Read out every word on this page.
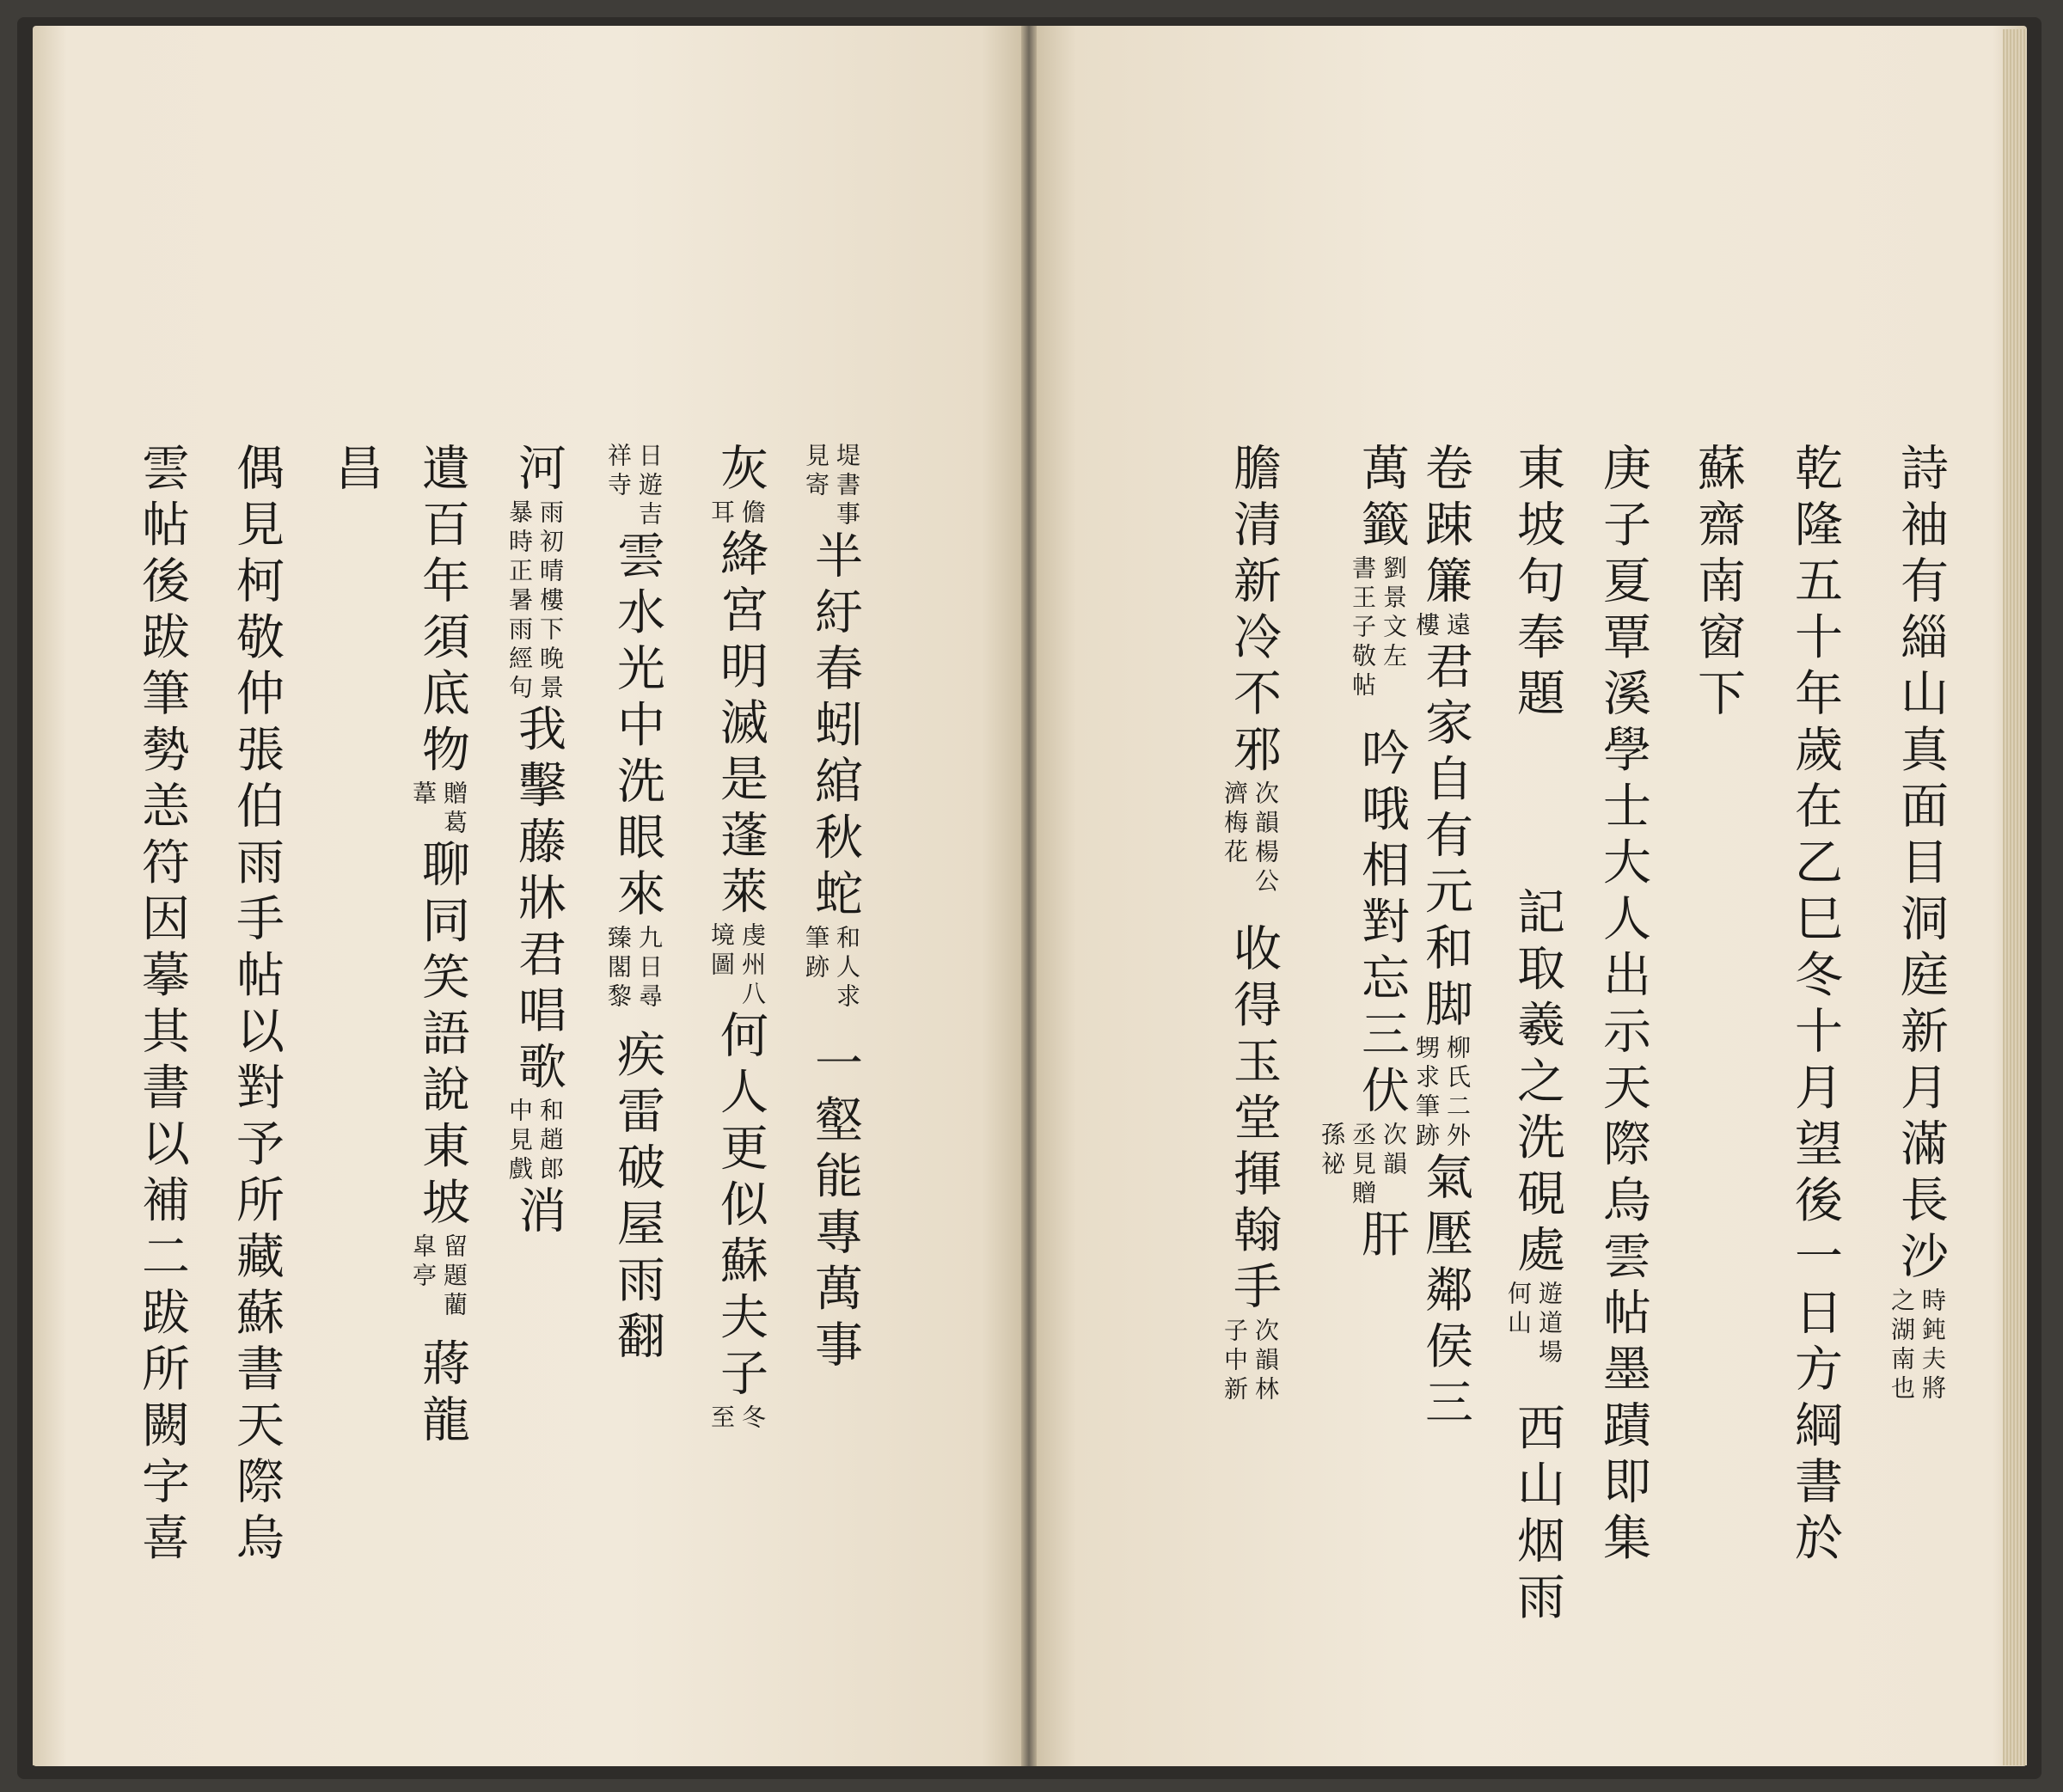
詩袖有緇山真面目洞庭新月滿長沙
時
之
鈍夫將
湖南也
乾隆五十年歲在乙巳冬十月望後一日方綱書於
蘇齋南窗下
庚子夏覃溪學士大人出示天際烏雲帖墨蹟即集
東坡句奉題  記取羲之洗硯處
遊道場
何山
西山烟雨
卷踈簾
遠
樓
君家自有元和脚
柳氏二外
甥求筆跡
氣壓鄰侯三
萬籤
劉景文左
書王子敬帖
吟哦相對忘三伏
次韻
丞見贈
孫祕
肝
膽清新冷不邪
次韻楊公
濟梅花
收得玉堂揮翰手
次韻
子中
林
新
堤書事
見寄
半紆春蚓綰秋蛇
和人求
筆跡
一壑能專萬事
灰
儋
耳
絳宮明滅是蓬萊
虔州八
境圖
何人更似蘇夫子
冬
至
日遊吉
祥寺
雲水光中洗眼來
九日尋
臻閣黎
疾雷破屋雨翻
河
雨初晴樓下晚景
暴時正暑雨經句
我擊藤牀君唱歌
和趙郎
中見戲
消
遺百年須底物
贈葛
葦
聊同笑語說東坡
留題藺
皐亭
蔣龍
昌
偶見柯敬仲張伯雨手帖以對予所藏蘇書天際烏
雲帖後跋筆勢恙符因摹其書以補二跋所闕字喜
